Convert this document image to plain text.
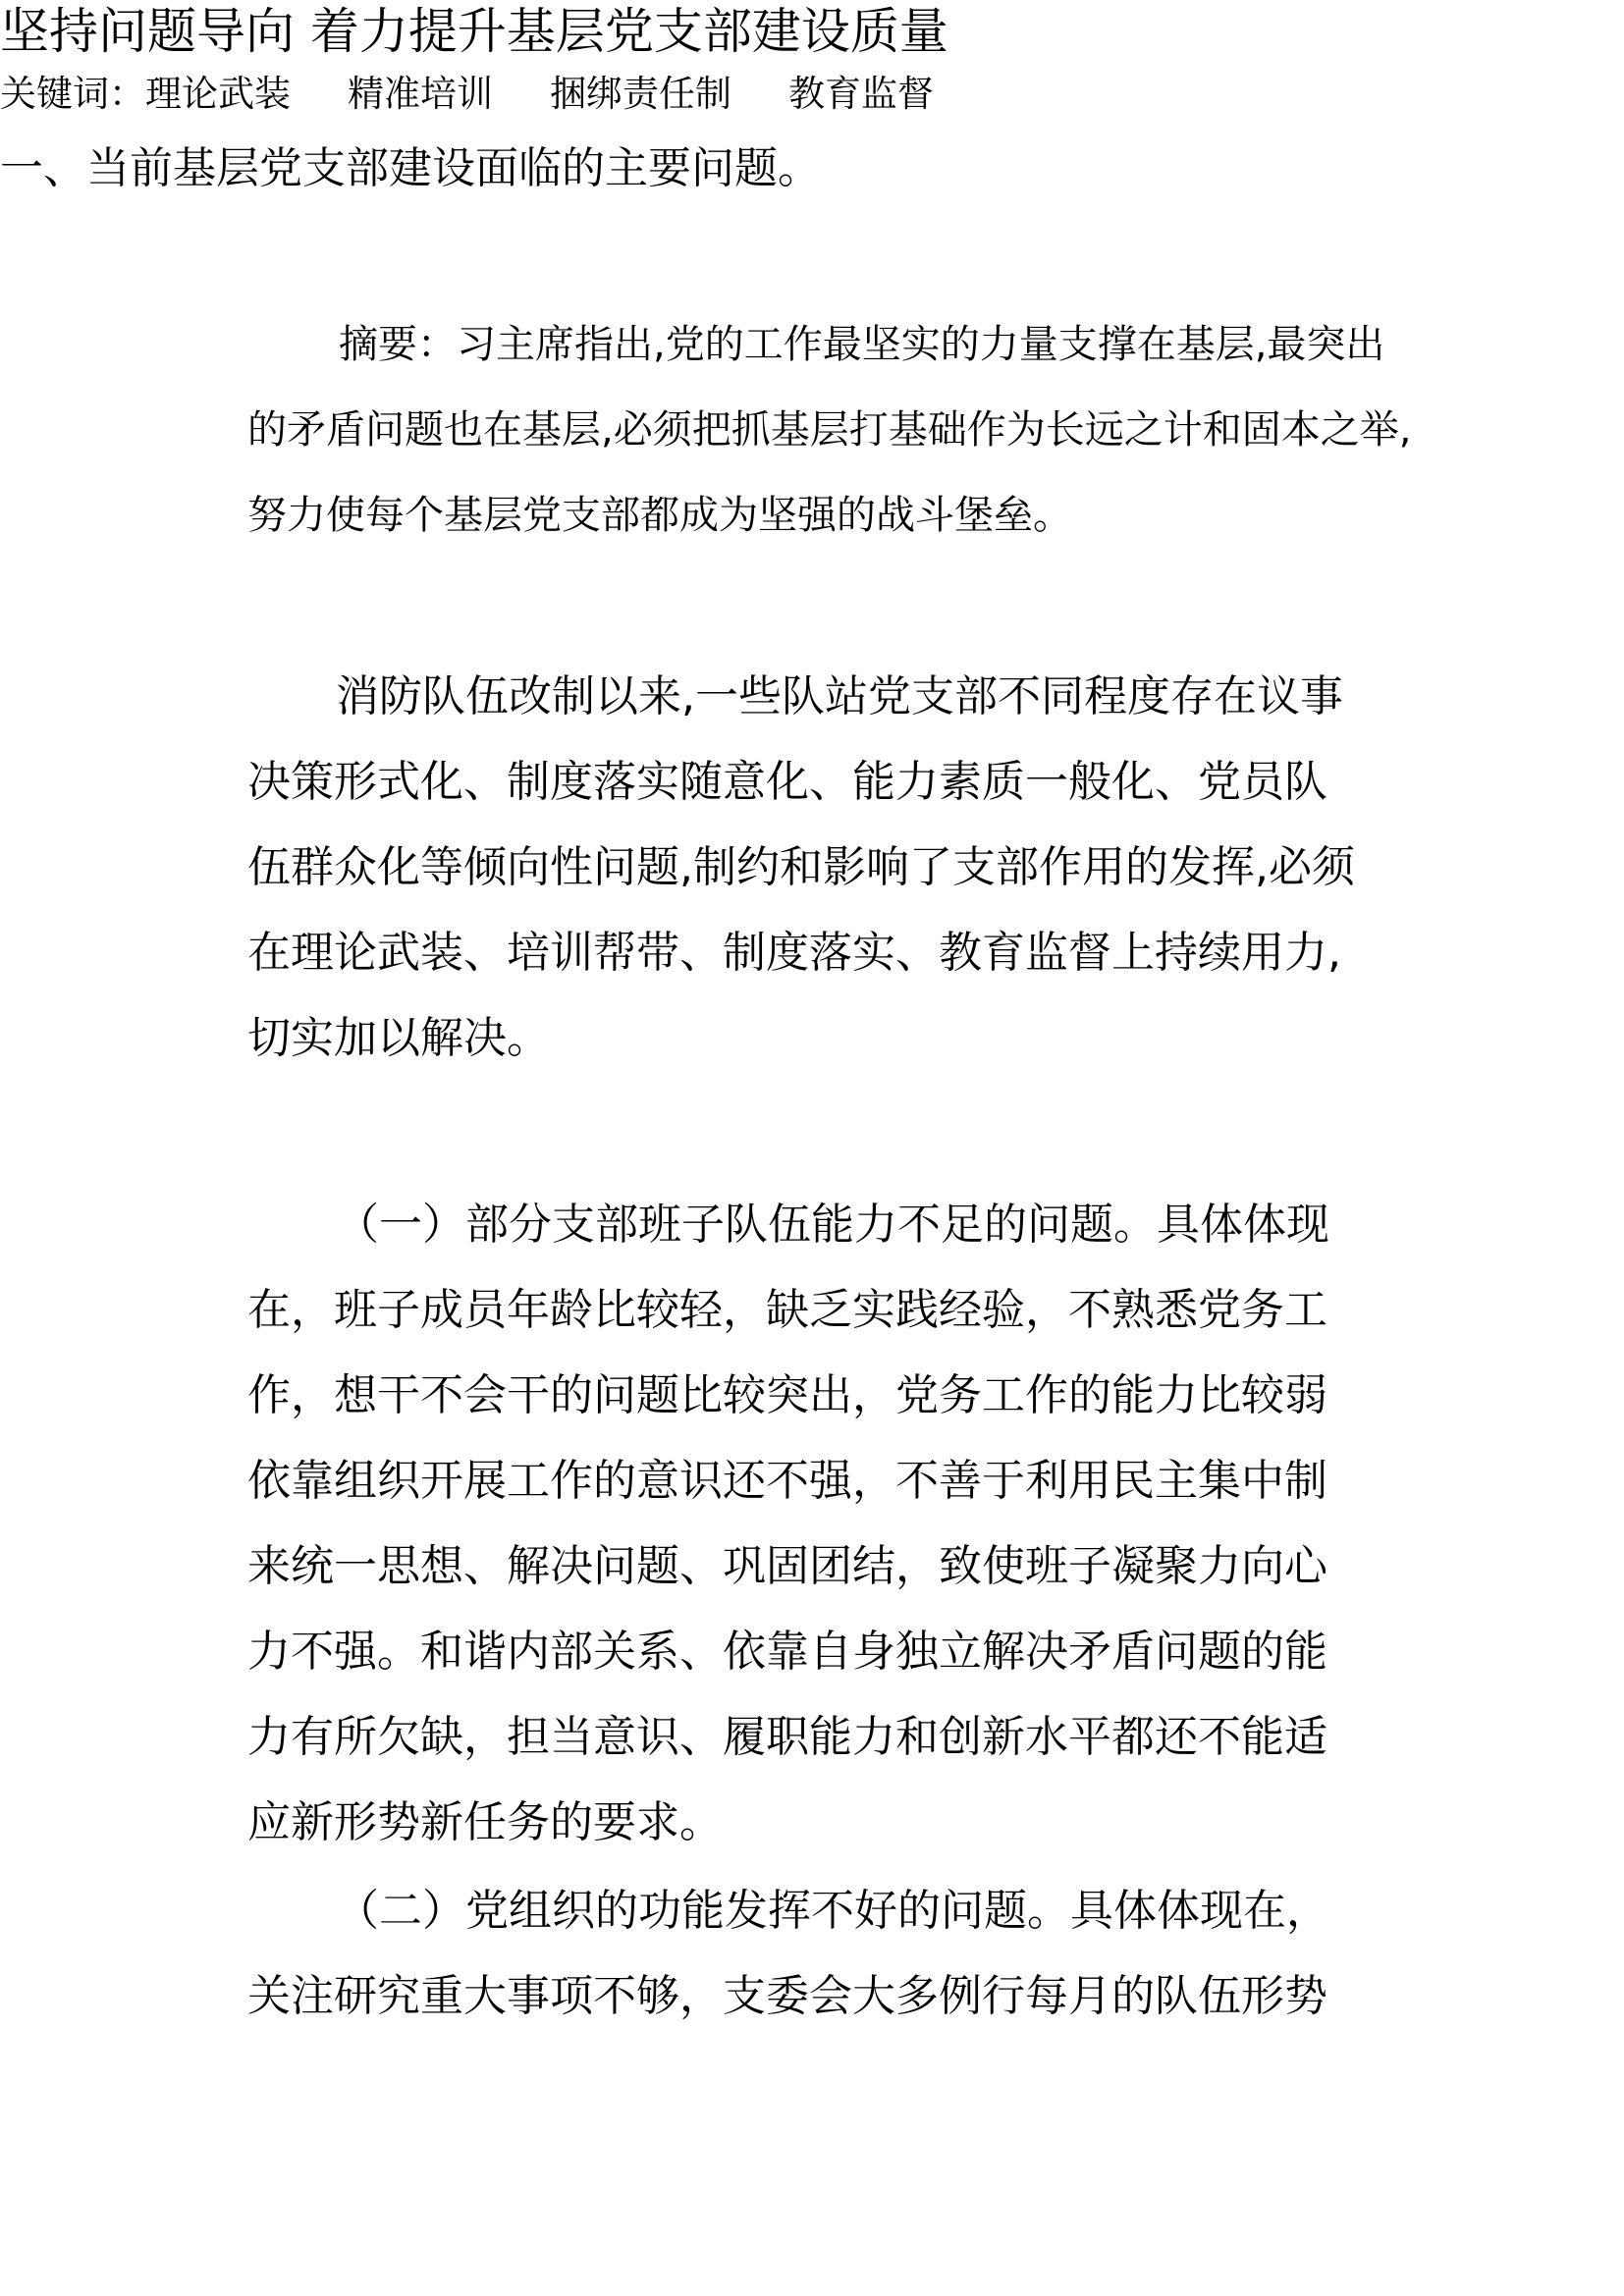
坚持问题导向 着力提升基层党支部建设质量
摘要：习主席指出,党的工作最坚实的力量支撑在基层,最突出
的矛盾问题也在基层,必须把抓基层打基础作为长远之计和固本之举,
努力使每个基层党支部都成为坚强的战斗堡垒。
关键词：理论武装 精准培训 捆绑责任制 教育监督
消防队伍改制以来,一些队站党支部不同程度存在议事
决策形式化、制度落实随意化、能力素质一般化、党员队
伍群众化等倾向性问题,制约和影响了支部作用的发挥,必须
在理论武装、培训帮带、制度落实、教育监督上持续用力,
切实加以解决。
一、当前基层党支部建设面临的主要问题。
（一）部分支部班子队伍能力不足的问题。具体体现
在，班子成员年龄比较轻，缺乏实践经验，不熟悉党务工
作，想干不会干的问题比较突出，党务工作的能力比较弱
依靠组织开展工作的意识还不强，不善于利用民主集中制
来统一思想、解决问题、巩固团结，致使班子凝聚力向心
力不强。和谐内部关系、依靠自身独立解决矛盾问题的能
力有所欠缺，担当意识、履职能力和创新水平都还不能适
应新形势新任务的要求。
（二）党组织的功能发挥不好的问题。具体体现在，
关注研究重大事项不够，支委会大多例行每月的队伍形势
